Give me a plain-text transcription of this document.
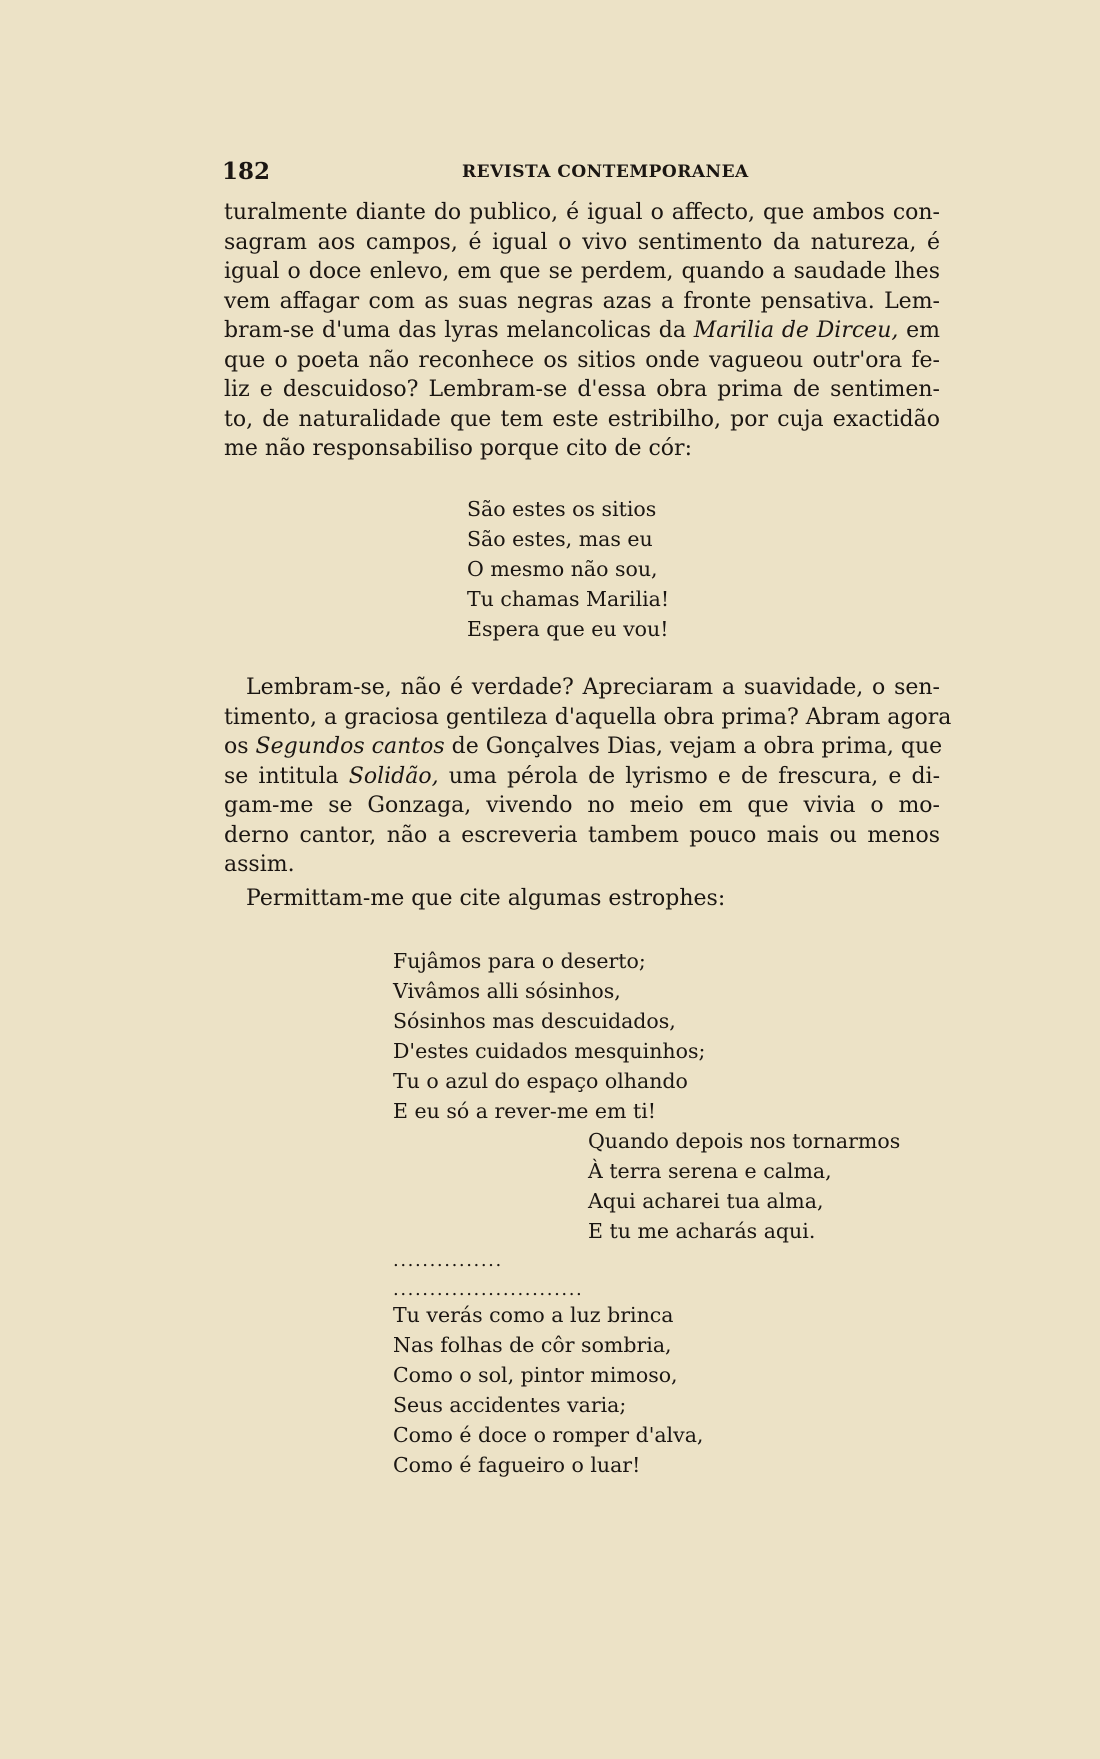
182	REVISTA CONTEMPORANEA
turalmente diante do publico, é igual o affecto, que ambos con-
sagram aos campos, é igual o vivo sentimento da natureza, é
igual o doce enlevo, em que se perdem, quando a saudade lhes
vem affagar com as suas negras azas a fronte pensativa. Lem-
bram-se d'uma das lyras melancolicas da Marilia de Dirceu, em
que o poeta não reconhece os sitios onde vagueou outr'ora fe-
liz e descuidoso? Lembram-se d'essa obra prima de sentimen-
to, de naturalidade que tem este estribilho, por cuja exactidão
me não responsabiliso porque cito de cór:
São estes os sitios
São estes, mas eu
O mesmo não sou,
Tu chamas Marilia!
Espera que eu vou!
Lembram-se, não é verdade? Apreciaram a suavidade, o sen-
timento, a graciosa gentileza d'aquella obra prima? Abram agora
os Segundos cantos de Gonçalves Dias, vejam a obra prima, que
se intitula Solidão, uma pérola de lyrismo e de frescura, e di-
gam-me se Gonzaga, vivendo no meio em que vivia o mo-
derno cantor, não a escreveria tambem pouco mais ou menos
assim.
Permittam-me que cite algumas estrophes:
Fujâmos para o deserto;
Vivâmos alli sósinhos,
Sósinhos mas descuidados,
D'estes cuidados mesquinhos;
Tu o azul do espaço olhando
E eu só a rever-me em ti!
Quando depois nos tornarmos
À terra serena e calma,
Aqui acharei tua alma,
E tu me acharás aqui.
...............
..........................
Tu verás como a luz brinca
Nas folhas de côr sombria,
Como o sol, pintor mimoso,
Seus accidentes varia;
Como é doce o romper d'alva,
Como é fagueiro o luar!
